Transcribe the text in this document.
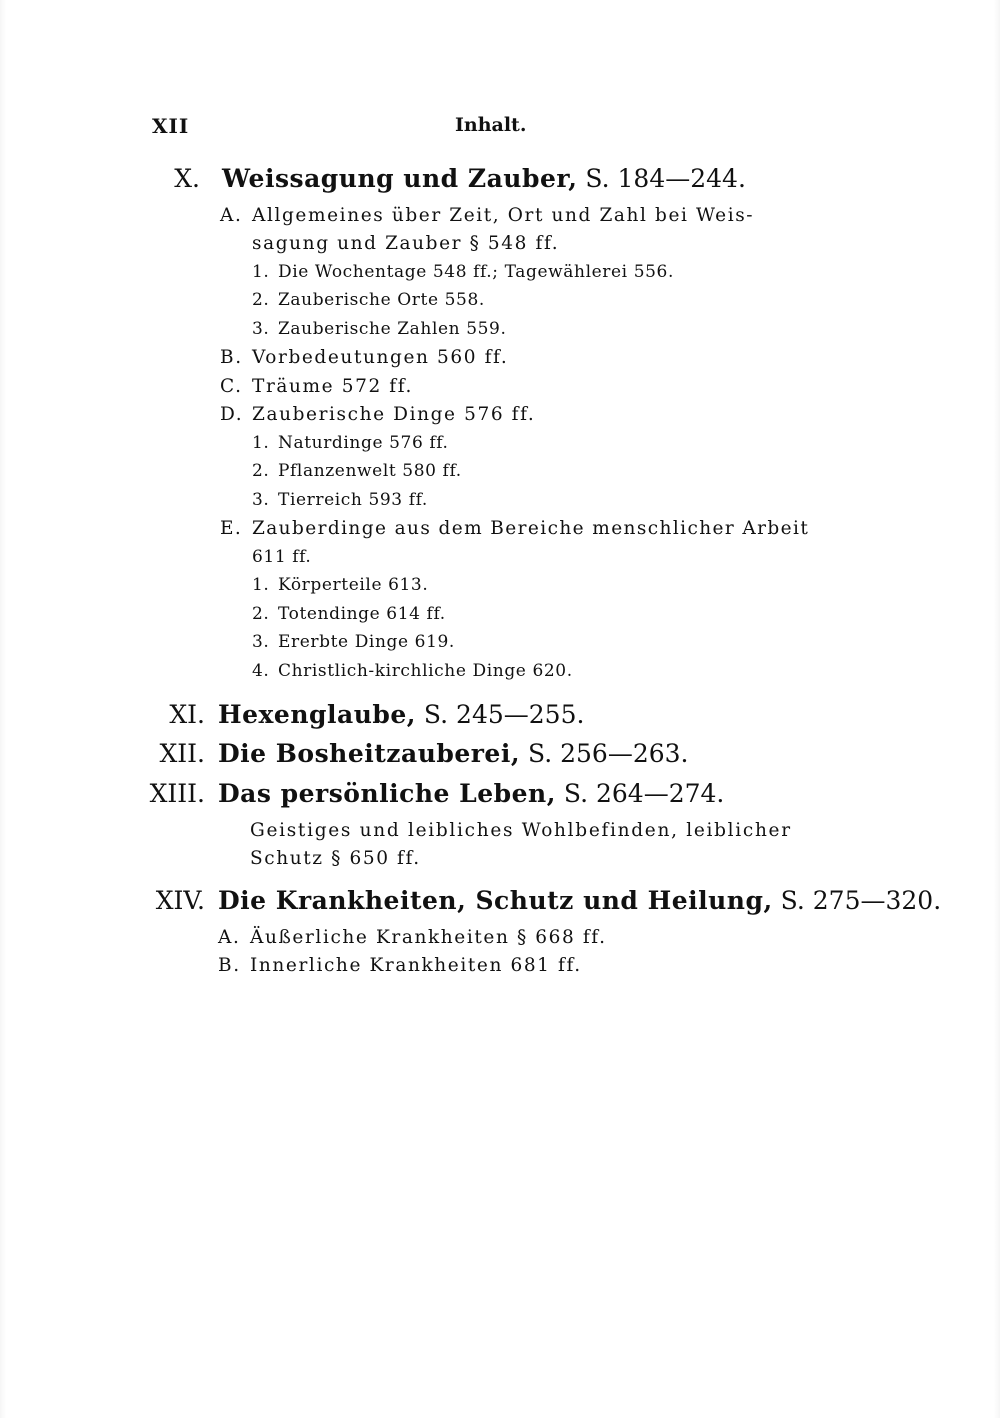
XII	Inhalt.
X. Weissagung und Zauber, S. 184—244.
A. Allgemeines über Zeit, Ort und Zahl bei Weis-
sagung und Zauber § 548 ff.
1. Die Wochentage 548 ff.; Tagewählerei 556.
2. Zauberische Orte 558.
3. Zauberische Zahlen 559.
B. Vorbedeutungen 560 ff.
C. Träume 572 ff.
D. Zauberische Dinge 576 ff.
1. Naturdinge 576 ff.
2. Pflanzenwelt 580 ff.
3. Tierreich 593 ff.
E. Zauberdinge aus dem Bereiche menschlicher Arbeit
611 ff.
1. Körperteile 613.
2. Totendinge 614 ff.
3. Ererbte Dinge 619.
4. Christlich-kirchliche Dinge 620.
XI. Hexenglaube, S. 245—255.
XII. Die Bosheitzauberei, S. 256—263.
XIII. Das persönliche Leben, S. 264—274.
Geistiges und leibliches Wohlbefinden, leiblicher
Schutz § 650 ff.
XIV. Die Krankheiten, Schutz und Heilung, S. 275—320.
A. Äußerliche Krankheiten § 668 ff.
B. Innerliche Krankheiten 681 ff.
